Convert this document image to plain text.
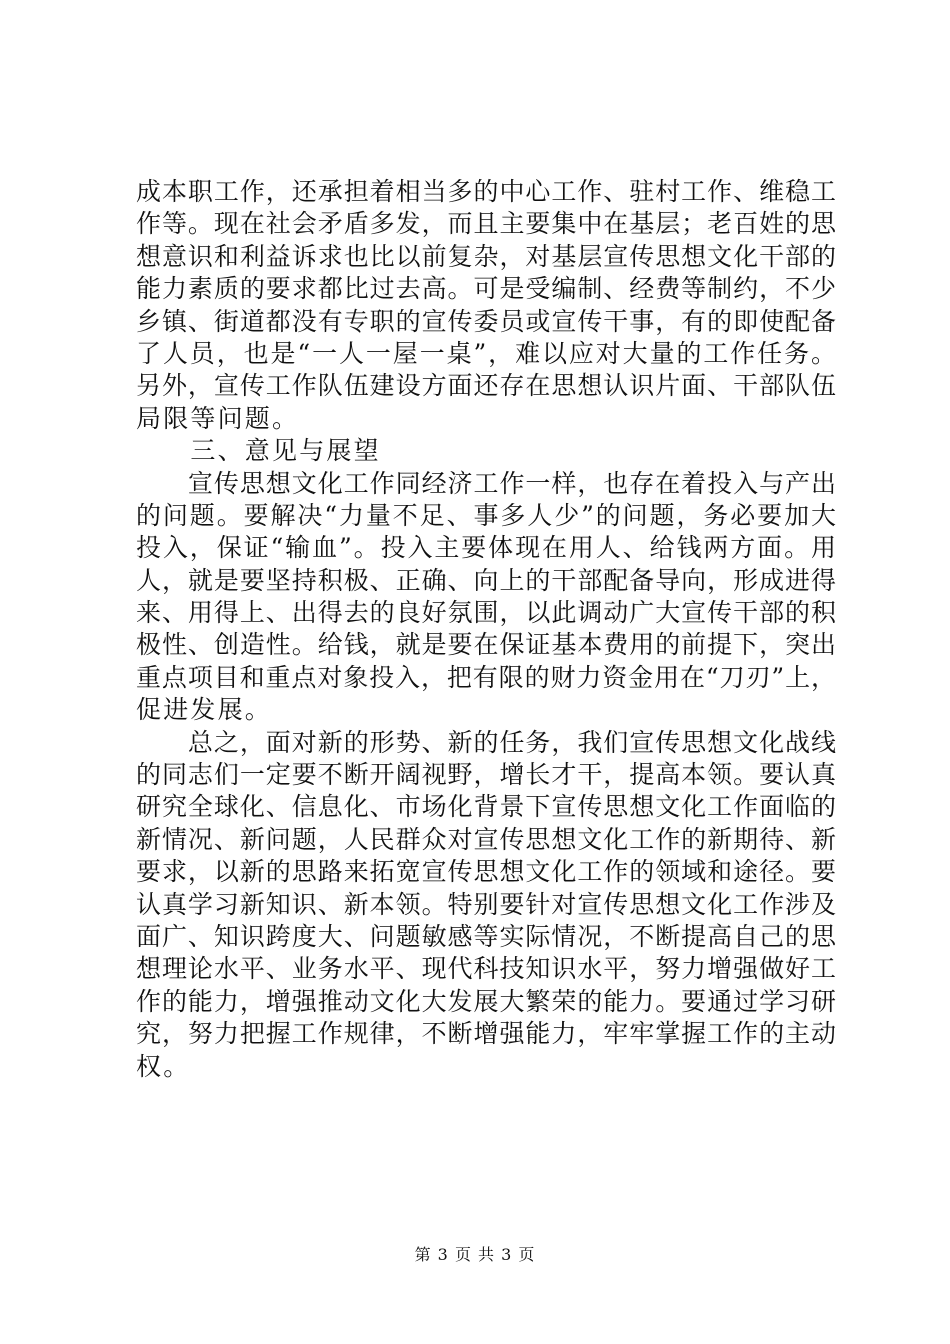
成本职工作，还承担着相当多的中心工作、驻村工作、维稳工
作等。现在社会矛盾多发，而且主要集中在基层；老百姓的思
想意识和利益诉求也比以前复杂，对基层宣传思想文化干部的
能力素质的要求都比过去高。可是受编制、经费等制约，不少
乡镇、街道都没有专职的宣传委员或宣传干事，有的即使配备
了人员，也是“一人一屋一桌”，难以应对大量的工作任务。
另外，宣传工作队伍建设方面还存在思想认识片面、干部队伍
局限等问题。
　　三、意见与展望
　　宣传思想文化工作同经济工作一样，也存在着投入与产出
的问题。要解决“力量不足、事多人少”的问题，务必要加大
投入，保证“输血”。投入主要体现在用人、给钱两方面。用
人，就是要坚持积极、正确、向上的干部配备导向，形成进得
来、用得上、出得去的良好氛围，以此调动广大宣传干部的积
极性、创造性。给钱，就是要在保证基本费用的前提下，突出
重点项目和重点对象投入，把有限的财力资金用在“刀刃”上，
促进发展。
　　总之，面对新的形势、新的任务，我们宣传思想文化战线
的同志们一定要不断开阔视野，增长才干，提高本领。要认真
研究全球化、信息化、市场化背景下宣传思想文化工作面临的
新情况、新问题，人民群众对宣传思想文化工作的新期待、新
要求，以新的思路来拓宽宣传思想文化工作的领域和途径。要
认真学习新知识、新本领。特别要针对宣传思想文化工作涉及
面广、知识跨度大、问题敏感等实际情况，不断提高自己的思
想理论水平、业务水平、现代科技知识水平，努力增强做好工
作的能力，增强推动文化大发展大繁荣的能力。要通过学习研
究，努力把握工作规律，不断增强能力，牢牢掌握工作的主动
权。
第 3 页 共 3 页
